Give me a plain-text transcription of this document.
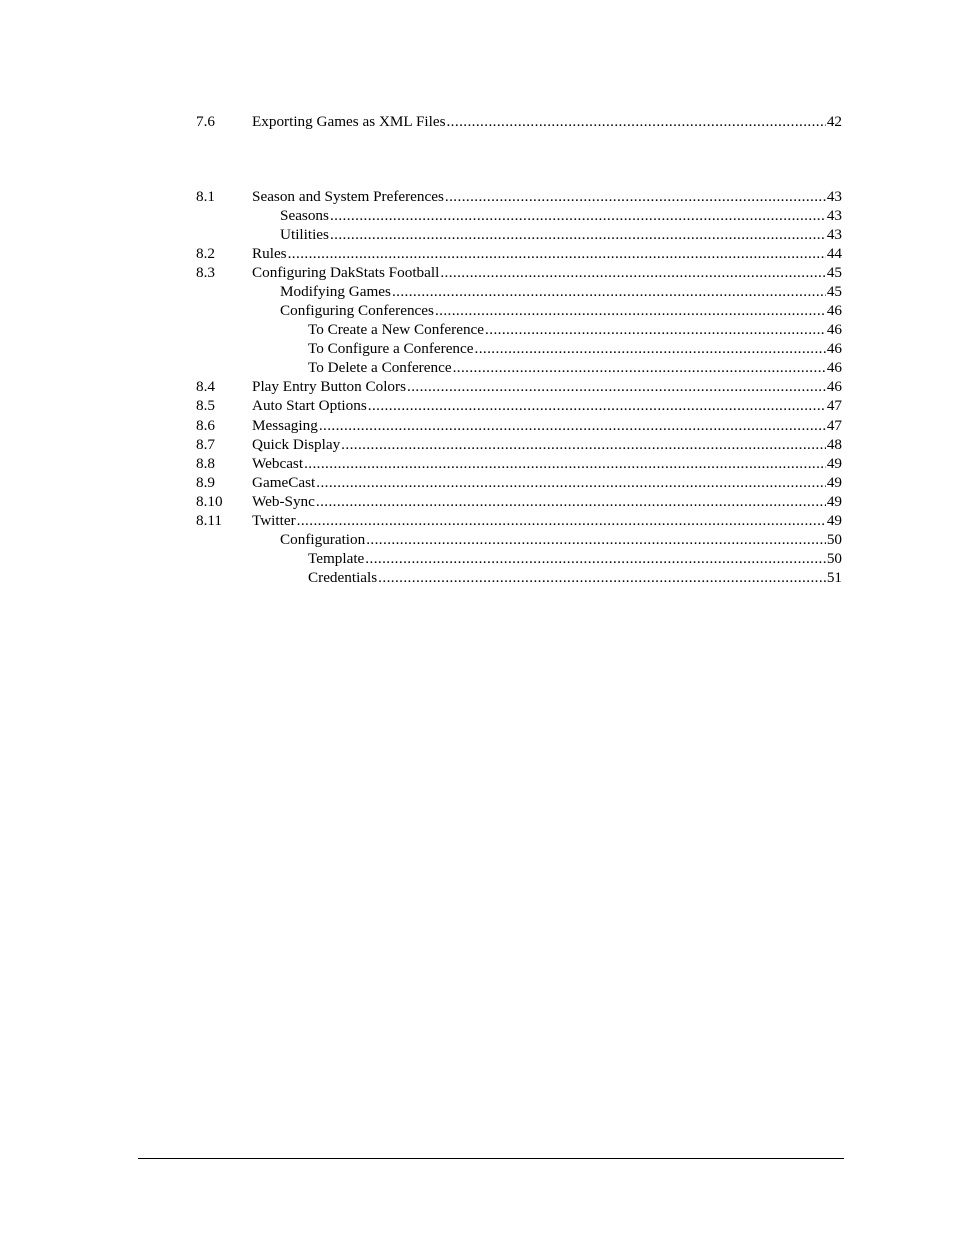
7.6	Exporting Games as XML Files .....	42
8.1	Season and System Preferences .....	43
Seasons .....	43
Utilities .....	43
8.2	Rules .....	44
8.3	Configuring DakStats Football .....	45
Modifying Games .....	45
Configuring Conferences .....	46
To Create a New Conference .....	46
To Configure a Conference .....	46
To Delete a Conference .....	46
8.4	Play Entry Button Colors .....	46
8.5	Auto Start Options .....	47
8.6	Messaging .....	47
8.7	Quick Display .....	48
8.8	Webcast .....	49
8.9	GameCast .....	49
8.10	Web-Sync .....	49
8.11	Twitter .....	49
Configuration .....	50
Template .....	50
Credentials .....	51
